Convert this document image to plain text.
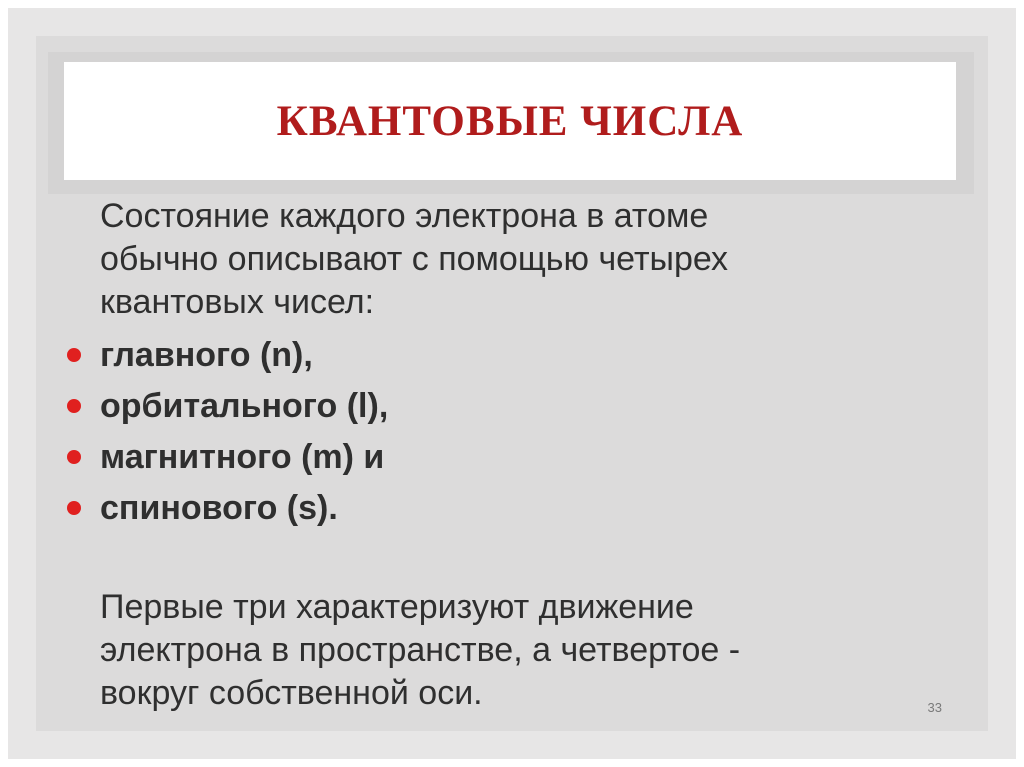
КВАНТОВЫЕ ЧИСЛА
Состояние каждого электрона в атоме
обычно описывают с помощью четырех
квантовых чисел:
главного (n),
орбитального (l),
магнитного (m) и
спинового (s).
Первые три характеризуют движение
электрона в пространстве, а четвертое -
вокруг собственной оси.	33
